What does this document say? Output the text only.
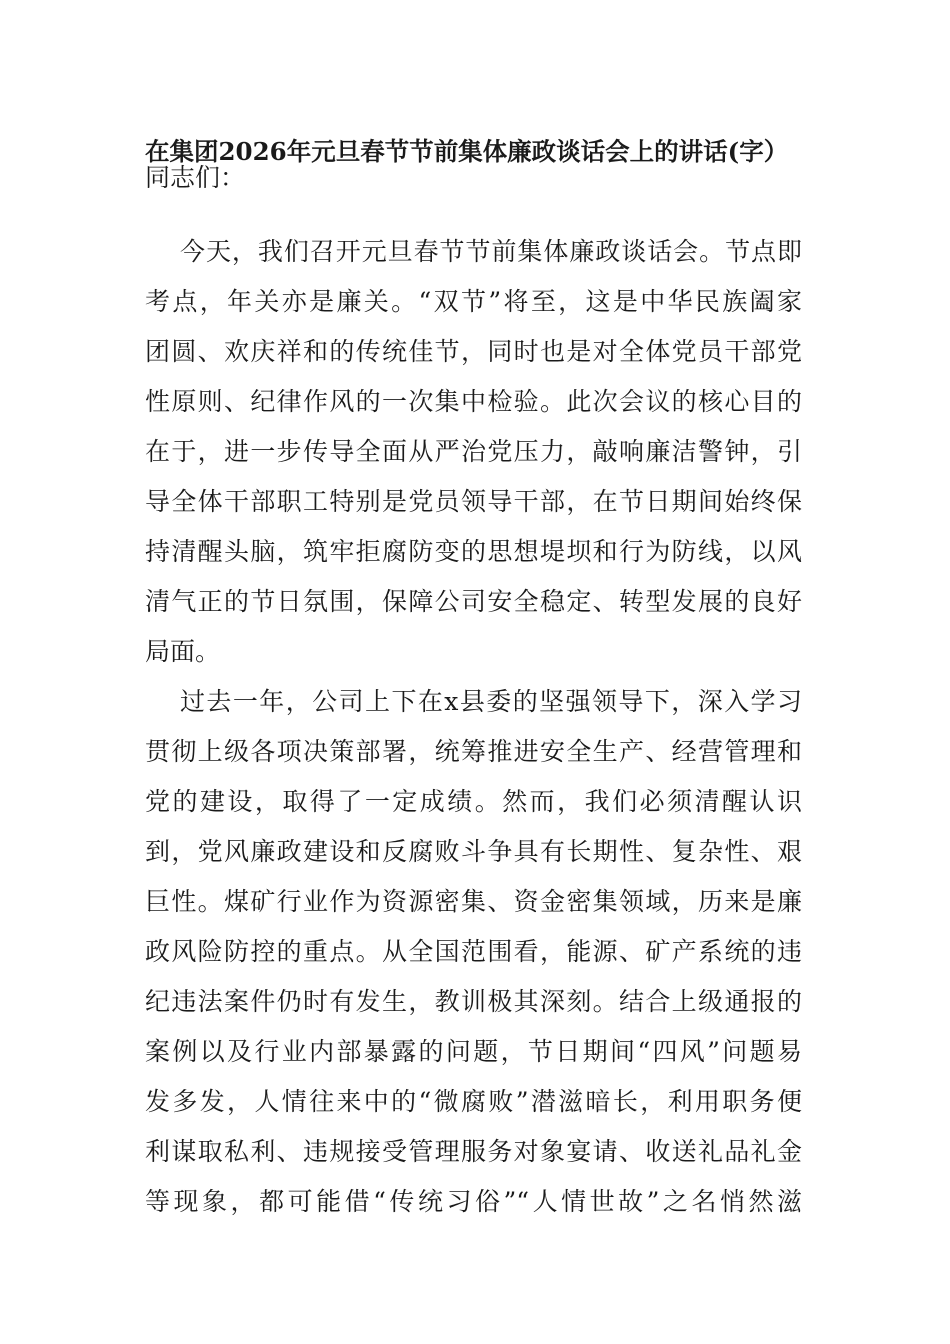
在集团2026年元旦春节节前集体廉政谈话会上的讲话(字）
同志们：
今天，我们召开元旦春节节前集体廉政谈话会。节点即
考点，年关亦是廉关。“双节”将至，这是中华民族阖家
团圆、欢庆祥和的传统佳节，同时也是对全体党员干部党
性原则、纪律作风的一次集中检验。此次会议的核心目的
在于，进一步传导全面从严治党压力，敲响廉洁警钟，引
导全体干部职工特别是党员领导干部，在节日期间始终保
持清醒头脑，筑牢拒腐防变的思想堤坝和行为防线，以风
清气正的节日氛围，保障公司安全稳定、转型发展的良好
局面。
过去一年，公司上下在x县委的坚强领导下，深入学习
贯彻上级各项决策部署，统筹推进安全生产、经营管理和
党的建设，取得了一定成绩。然而，我们必须清醒认识
到，党风廉政建设和反腐败斗争具有长期性、复杂性、艰
巨性。煤矿行业作为资源密集、资金密集领域，历来是廉
政风险防控的重点。从全国范围看，能源、矿产系统的违
纪违法案件仍时有发生，教训极其深刻。结合上级通报的
案例以及行业内部暴露的问题，节日期间“四风”问题易
发多发，人情往来中的“微腐败”潜滋暗长，利用职务便
利谋取私利、违规接受管理服务对象宴请、收送礼品礼金
等现象，都可能借“传统习俗”“人情世故”之名悄然滋
